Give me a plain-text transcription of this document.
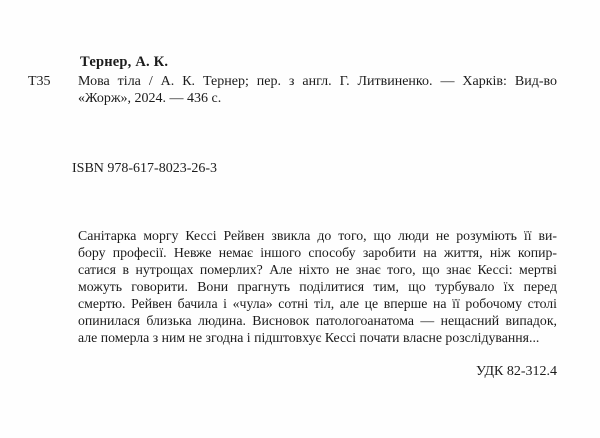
Тернер, А. К.
Т35 Мова тіла / А. К. Тернер; пер. з англ. Г. Литвиненко. — Харків: Вид-во
«Жорж», 2024. — 436 с.
ISBN 978-617-8023-26-3
Санітарка моргу Кессі Рейвен звикла до того, що люди не розуміють її ви-
бору професії. Невже немає іншого способу заробити на життя, ніж копир-
сатися в нутрощах померлих? Але ніхто не знає того, що знає Кессі: мертві
можуть говорити. Вони прагнуть поділитися тим, що турбувало їх перед
смертю. Рейвен бачила і «чула» сотні тіл, але це вперше на її робочому столі
опинилася близька людина. Висновок патологоанатома — нещасний випадок,
але померла з ним не згодна і підштовхує Кессі почати власне розслідування...
УДК 82-312.4
